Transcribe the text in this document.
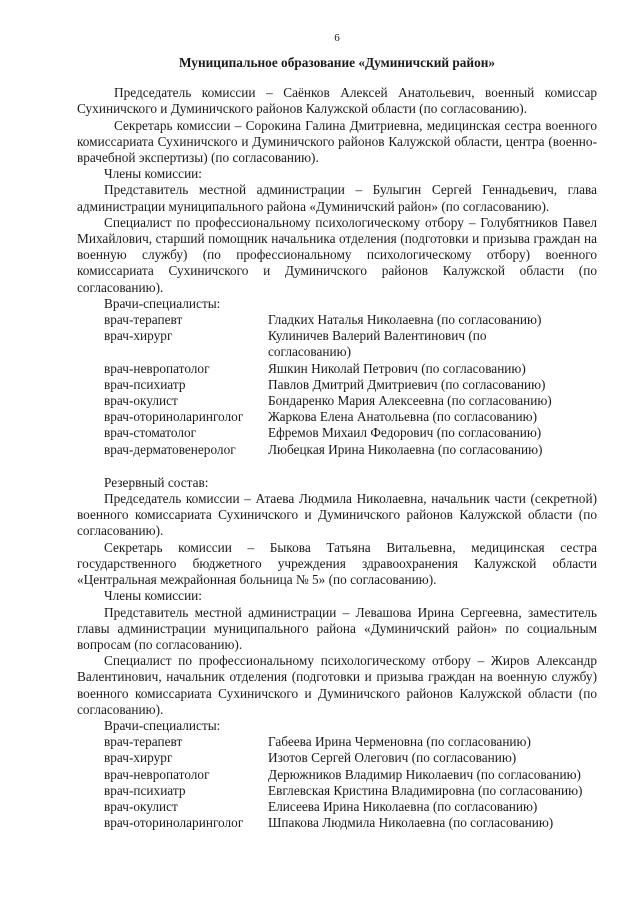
6
Муниципальное образование «Думиничский район»

Председатель комиссии – Саёнков Алексей Анатольевич, военный комиссар Сухиничского и Думиничского районов Калужской области (по согласованию).

Секретарь комиссии – Сорокина Галина Дмитриевна, медицинская сестра военного комиссариата Сухиничского и Думиничского районов Калужской области, центра (военно-врачебной экспертизы) (по согласованию).

Члены комиссии:

Представитель местной администрации – Булыгин Сергей Геннадьевич, глава администрации муниципального района «Думиничский район» (по согласованию).

Специалист по профессиональному психологическому отбору – Голубятников Павел Михайлович, старший помощник начальника отделения (подготовки и призыва граждан на военную службу) (по профессиональному психологическому отбору) военного комиссариата Сухиничского и Думиничского районов Калужской области (по согласованию).

Врачи-специалисты:

врач-терапевт	Гладких Наталья Николаевна (по согласованию)
врач-хирург	Кулиничев Валерий Валентинович (по согласованию)
врач-невропатолог	Яшкин Николай Петрович (по согласованию)
врач-психиатр	Павлов Дмитрий Дмитриевич (по согласованию)
врач-окулист	Бондаренко Мария Алексеевна (по согласованию)
врач-оториноларинголог	Жаркова Елена Анатольевна (по согласованию)
врач-стоматолог	Ефремов Михаил Федорович (по согласованию)
врач-дерматовенеролог	Любецкая Ирина Николаевна (по согласованию)

Резервный состав:

Председатель комиссии – Атаева Людмила Николаевна, начальник части (секретной) военного комиссариата Сухиничского и Думиничского районов Калужской области (по согласованию).

Секретарь комиссии – Быкова Татьяна Витальевна, медицинская сестра государственного бюджетного учреждения здравоохранения Калужской области «Центральная межрайонная больница № 5» (по согласованию).

Члены комиссии:

Представитель местной администрации – Левашова Ирина Сергеевна, заместитель главы администрации муниципального района «Думиничский район» по социальным вопросам (по согласованию).

Специалист по профессиональному психологическому отбору – Жиров Александр Валентинович, начальник отделения (подготовки и призыва граждан на военную службу) военного комиссариата Сухиничского и Думиничского районов Калужской области (по согласованию).

Врачи-специалисты:

врач-терапевт	Габеева Ирина Черменовна (по согласованию)
врач-хирург	Изотов Сергей Олегович (по согласованию)
врач-невропатолог	Дерюжников Владимир Николаевич (по согласованию)
врач-психиатр	Евглевская Кристина Владимировна (по согласованию)
врач-окулист	Елисеева Ирина Николаевна (по согласованию)
врач-оториноларинголог	Шпакова Людмила Николаевна (по согласованию)
